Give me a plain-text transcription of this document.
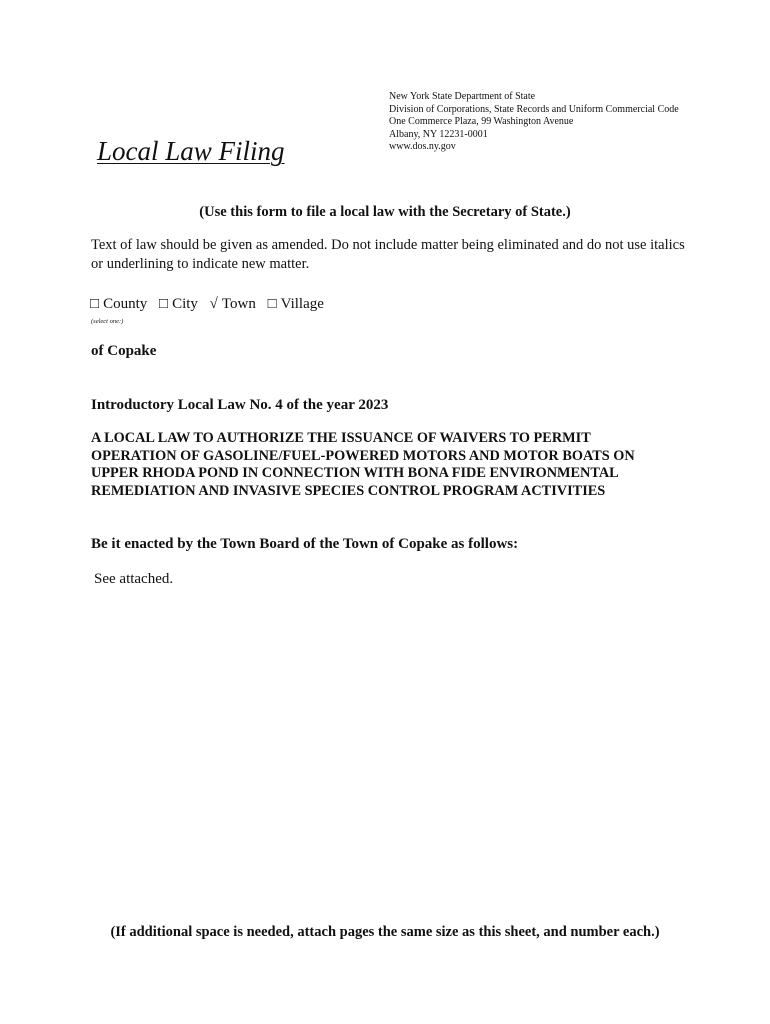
New York State Department of State
Division of Corporations, State Records and Uniform Commercial Code
One Commerce Plaza, 99 Washington Avenue
Albany, NY 12231-0001
www.dos.ny.gov
Local Law Filing
(Use this form to file a local law with the Secretary of State.)
Text of law should be given as amended. Do not include matter being eliminated and do not use italics or underlining to indicate new matter.
□ County □ City √ Town □ Village
(select one:)
of Copake
Introductory Local Law No. 4 of the year 2023
A LOCAL LAW TO AUTHORIZE THE ISSUANCE OF WAIVERS TO PERMIT
OPERATION OF GASOLINE/FUEL-POWERED MOTORS AND MOTOR BOATS ON
UPPER RHODA POND IN CONNECTION WITH BONA FIDE ENVIRONMENTAL
REMEDIATION AND INVASIVE SPECIES CONTROL PROGRAM ACTIVITIES
Be it enacted by the Town Board of the Town of Copake as follows:
See attached.
(If additional space is needed, attach pages the same size as this sheet, and number each.)
